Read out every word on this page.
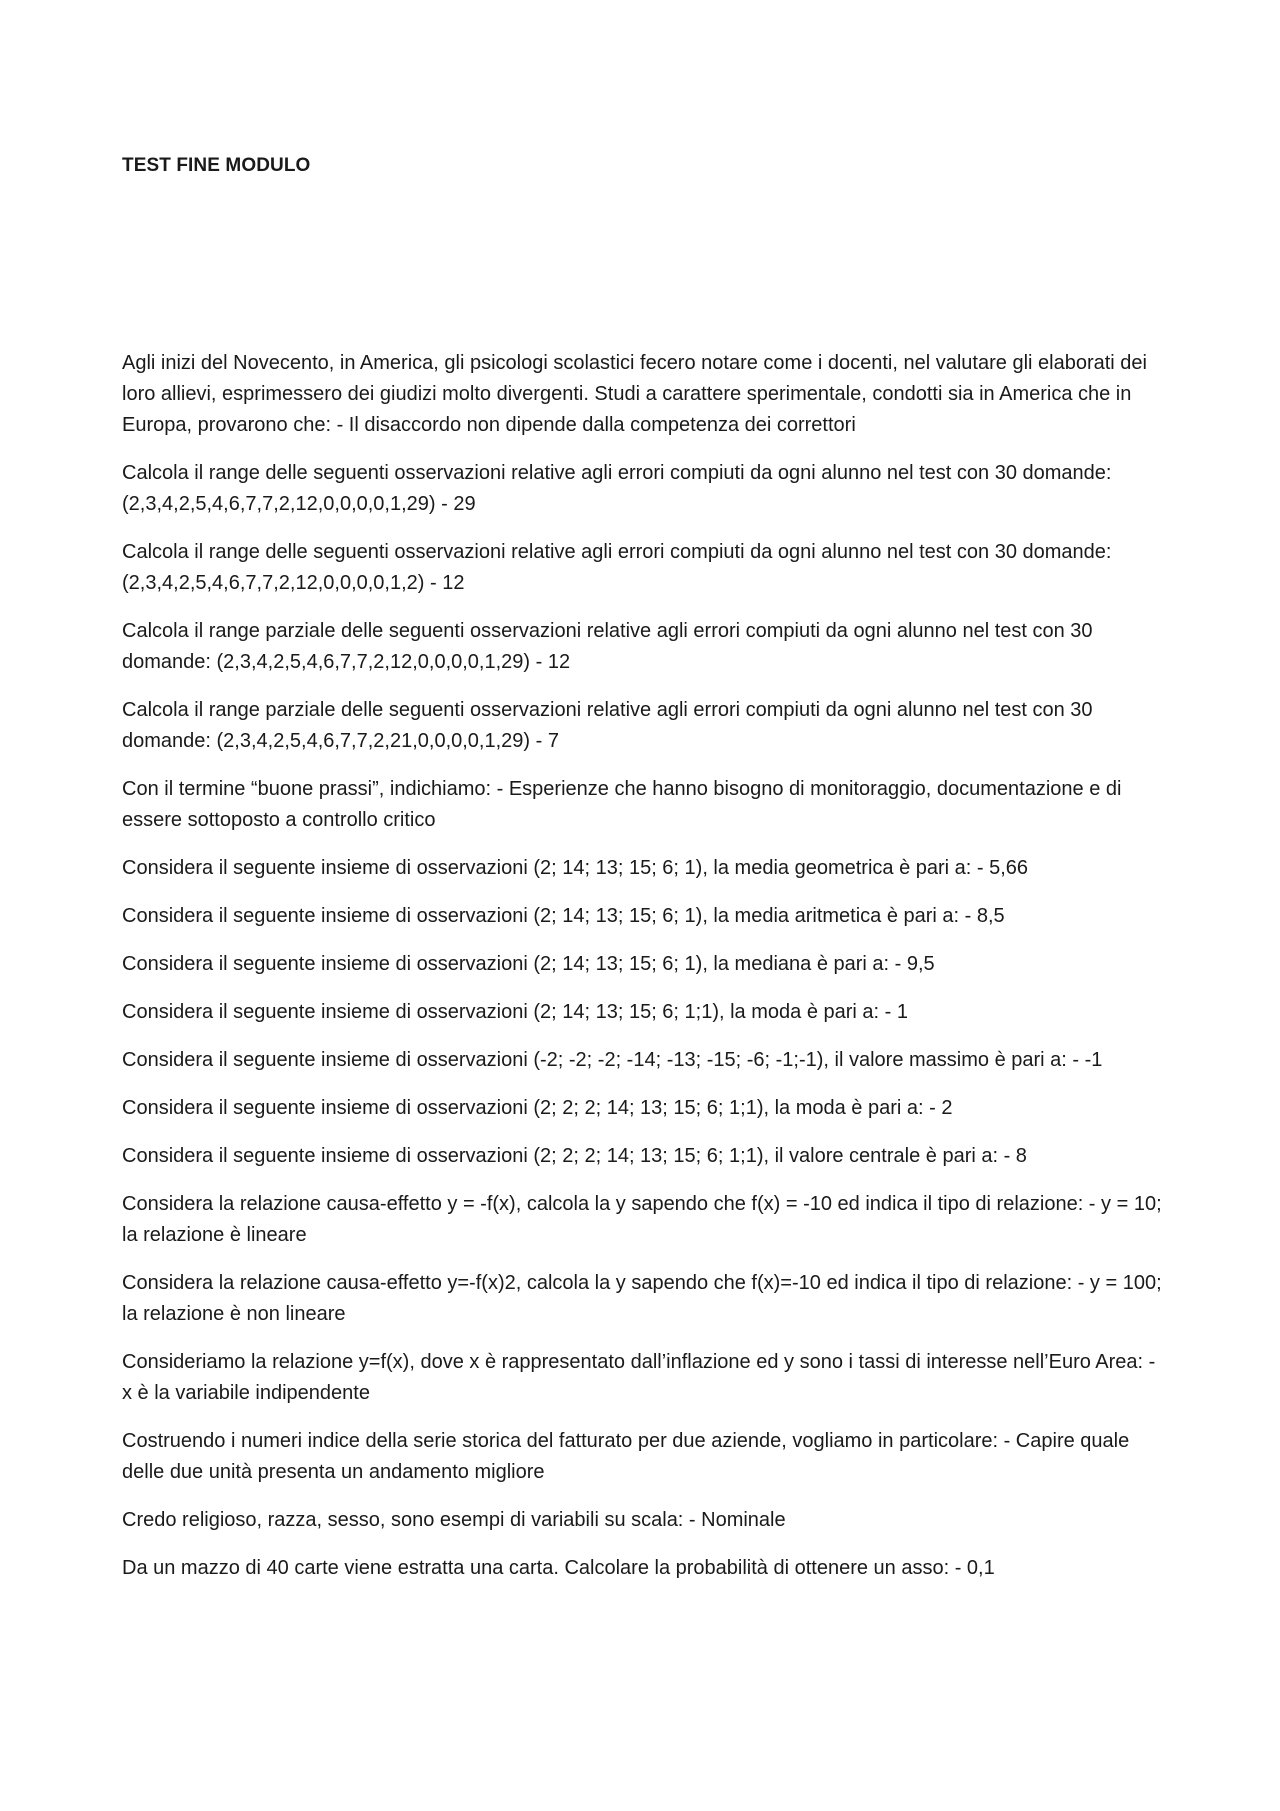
TEST FINE MODULO
Agli inizi del Novecento, in America, gli psicologi scolastici fecero notare come i docenti, nel valutare gli elaborati dei loro allievi, esprimessero dei giudizi molto divergenti. Studi a carattere sperimentale, condotti sia in America che in Europa, provarono che: - Il disaccordo non dipende dalla competenza dei correttori
Calcola il range delle seguenti osservazioni relative agli errori compiuti da ogni alunno nel test con 30 domande: (2,3,4,2,5,4,6,7,7,2,12,0,0,0,0,1,29) - 29
Calcola il range delle seguenti osservazioni relative agli errori compiuti da ogni alunno nel test con 30 domande: (2,3,4,2,5,4,6,7,7,2,12,0,0,0,0,1,2) - 12
Calcola il range parziale delle seguenti osservazioni relative agli errori compiuti da ogni alunno nel test con 30 domande: (2,3,4,2,5,4,6,7,7,2,12,0,0,0,0,1,29) - 12
Calcola il range parziale delle seguenti osservazioni relative agli errori compiuti da ogni alunno nel test con 30 domande: (2,3,4,2,5,4,6,7,7,2,21,0,0,0,0,1,29) - 7
Con il termine “buone prassi”, indichiamo: - Esperienze che hanno bisogno di monitoraggio, documentazione e di essere sottoposto a controllo critico
Considera il seguente insieme di osservazioni (2; 14; 13; 15; 6; 1), la media geometrica è pari a: - 5,66
Considera il seguente insieme di osservazioni (2; 14; 13; 15; 6; 1), la media aritmetica è pari a: - 8,5
Considera il seguente insieme di osservazioni (2; 14; 13; 15; 6; 1), la mediana è pari a: - 9,5
Considera il seguente insieme di osservazioni (2; 14; 13; 15; 6; 1;1), la moda è pari a: - 1
Considera il seguente insieme di osservazioni (-2; -2; -2; -14; -13; -15; -6; -1;-1), il valore massimo è pari a: - -1
Considera il seguente insieme di osservazioni (2; 2; 2; 14; 13; 15; 6; 1;1), la moda è pari a: - 2
Considera il seguente insieme di osservazioni (2; 2; 2; 14; 13; 15; 6; 1;1), il valore centrale è pari a: - 8
Considera la relazione causa-effetto y = -f(x), calcola la y sapendo che f(x) = -10 ed indica il tipo di relazione: - y = 10; la relazione è lineare
Considera la relazione causa-effetto y=-f(x)2, calcola la y sapendo che f(x)=-10 ed indica il tipo di relazione: - y = 100; la relazione è non lineare
Consideriamo la relazione y=f(x), dove x è rappresentato dall’inflazione ed y sono i tassi di interesse nell’Euro Area: - x è la variabile indipendente
Costruendo i numeri indice della serie storica del fatturato per due aziende, vogliamo in particolare: - Capire quale delle due unità presenta un andamento migliore
Credo religioso, razza, sesso, sono esempi di variabili su scala: - Nominale
Da un mazzo di 40 carte viene estratta una carta. Calcolare la probabilità di ottenere un asso: - 0,1
